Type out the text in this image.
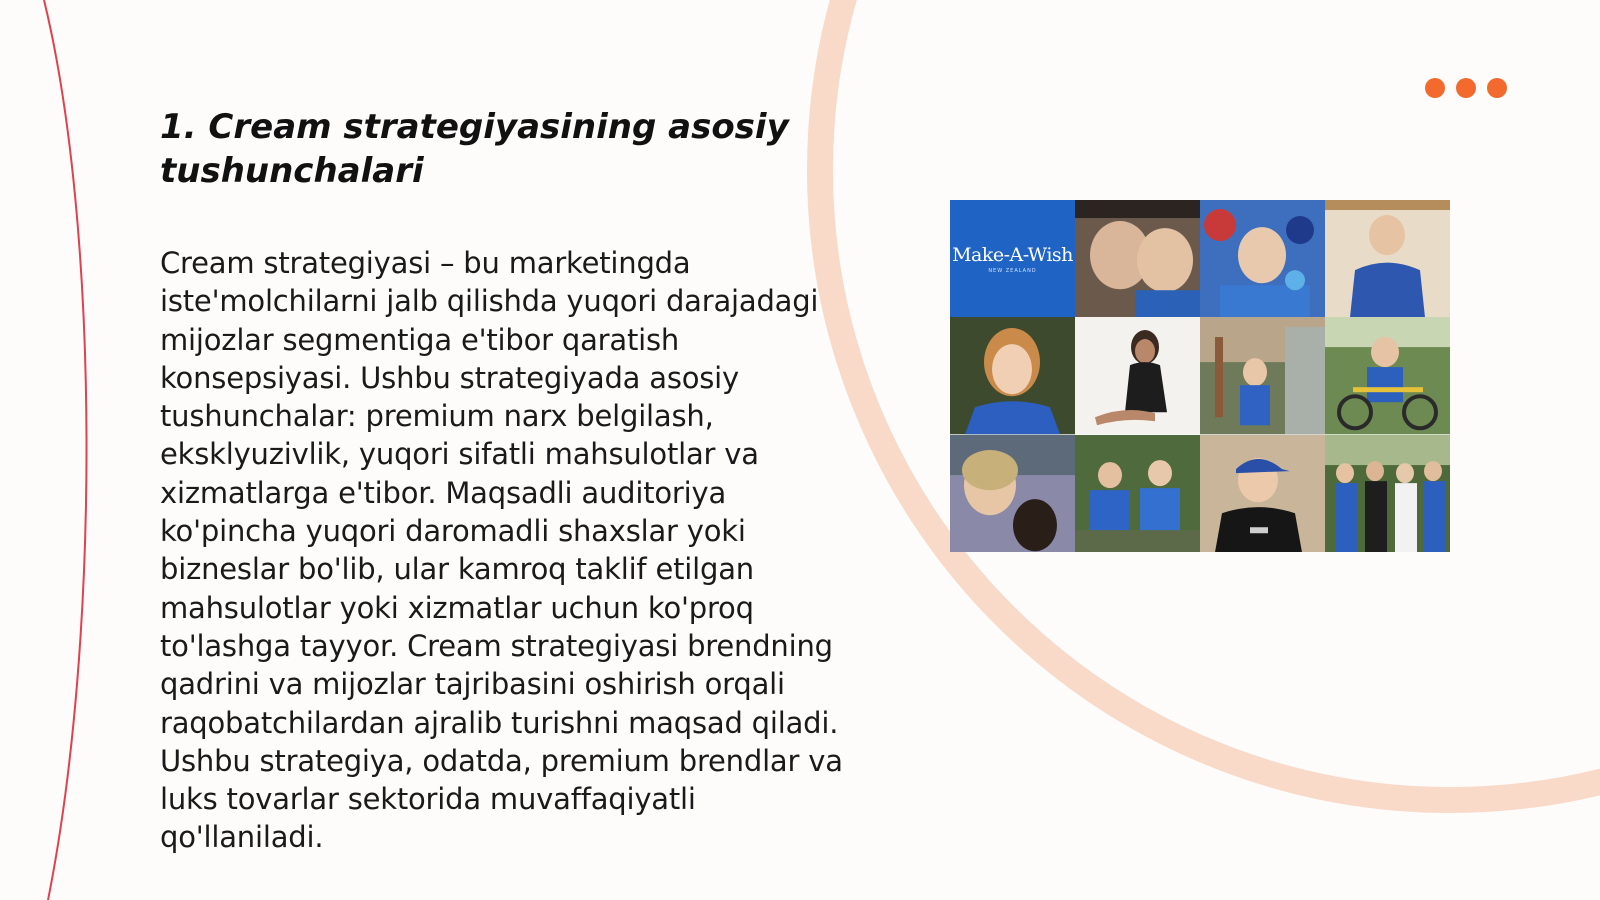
1. Cream strategiyasining asosiy tushunchalari

Cream strategiyasi – bu marketingda iste'molchilarni jalb qilishda yuqori darajadagi mijozlar segmentiga e'tibor qaratish konsepsiyasi. Ushbu strategiyada asosiy tushunchalar: premium narx belgilash, eksklyuzivlik, yuqori sifatli mahsulotlar va xizmatlarga e'tibor. Maqsadli auditoriya ko'pincha yuqori daromadli shaxslar yoki bizneslar bo'lib, ular kamroq taklif etilgan mahsulotlar yoki xizmatlar uchun ko'proq to'lashga tayyor. Cream strategiyasi brendning qadrini va mijozlar tajribasini oshirish orqali raqobatchilardan ajralib turishni maqsad qiladi. Ushbu strategiya, odatda, premium brendlar va luks tovarlar sektorida muvaffaqiyatli qo'llaniladi.

Make-A-Wish
NEW ZEALAND
